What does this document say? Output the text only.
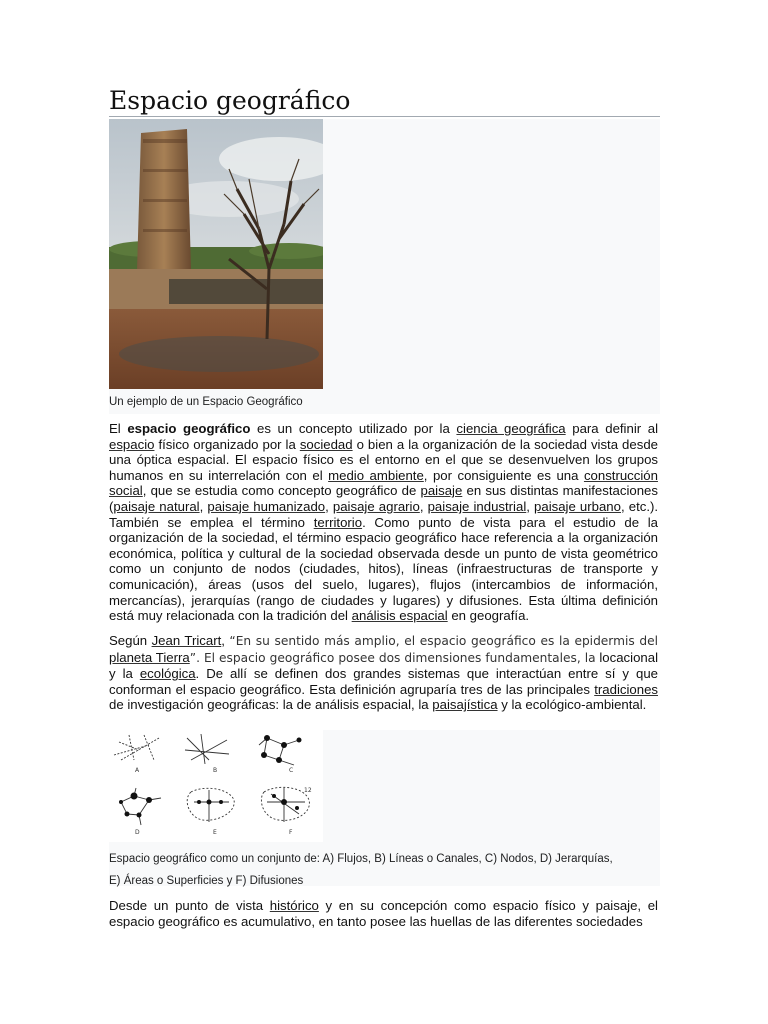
Espacio geográfico
Un ejemplo de un Espacio Geográfico

El espacio geográfico es un concepto utilizado por la ciencia geográfica para definir al espacio físico organizado por la sociedad o bien a la organización de la sociedad vista desde una óptica espacial. El espacio físico es el entorno en el que se desenvuelven los grupos humanos en su interrelación con el medio ambiente, por consiguiente es una construcción social, que se estudia como concepto geográfico de paisaje en sus distintas manifestaciones (paisaje natural, paisaje humanizado, paisaje agrario, paisaje industrial, paisaje urbano, etc.). También se emplea el término territorio. Como punto de vista para el estudio de la organización de la sociedad, el término espacio geográfico hace referencia a la organización económica, política y cultural de la sociedad observada desde un punto de vista geométrico como un conjunto de nodos (ciudades, hitos), líneas (infraestructuras de transporte y comunicación), áreas (usos del suelo, lugares), flujos (intercambios de información, mercancías), jerarquías (rango de ciudades y lugares) y difusiones. Esta última definición está muy relacionada con la tradición del análisis espacial en geografía.

Según Jean Tricart, “En su sentido más amplio, el espacio geográfico es la epidermis del planeta Tierra”. El espacio geográfico posee dos dimensiones fundamentales, la locacional y la ecológica. De allí se definen dos grandes sistemas que interactúan entre sí y que conforman el espacio geográfico. Esta definición agruparía tres de las principales tradiciones de investigación geográficas: la de análisis espacial, la paisajística y la ecológico-ambiental.

A	B	C
D	E	F
12
Espacio geográfico como un conjunto de: A) Flujos, B) Líneas o Canales, C) Nodos, D) Jerarquías,
E) Áreas o Superficies y F) Difusiones

Desde un punto de vista histórico y en su concepción como espacio físico y paisaje, el espacio geográfico es acumulativo, en tanto posee las huellas de las diferentes sociedades
